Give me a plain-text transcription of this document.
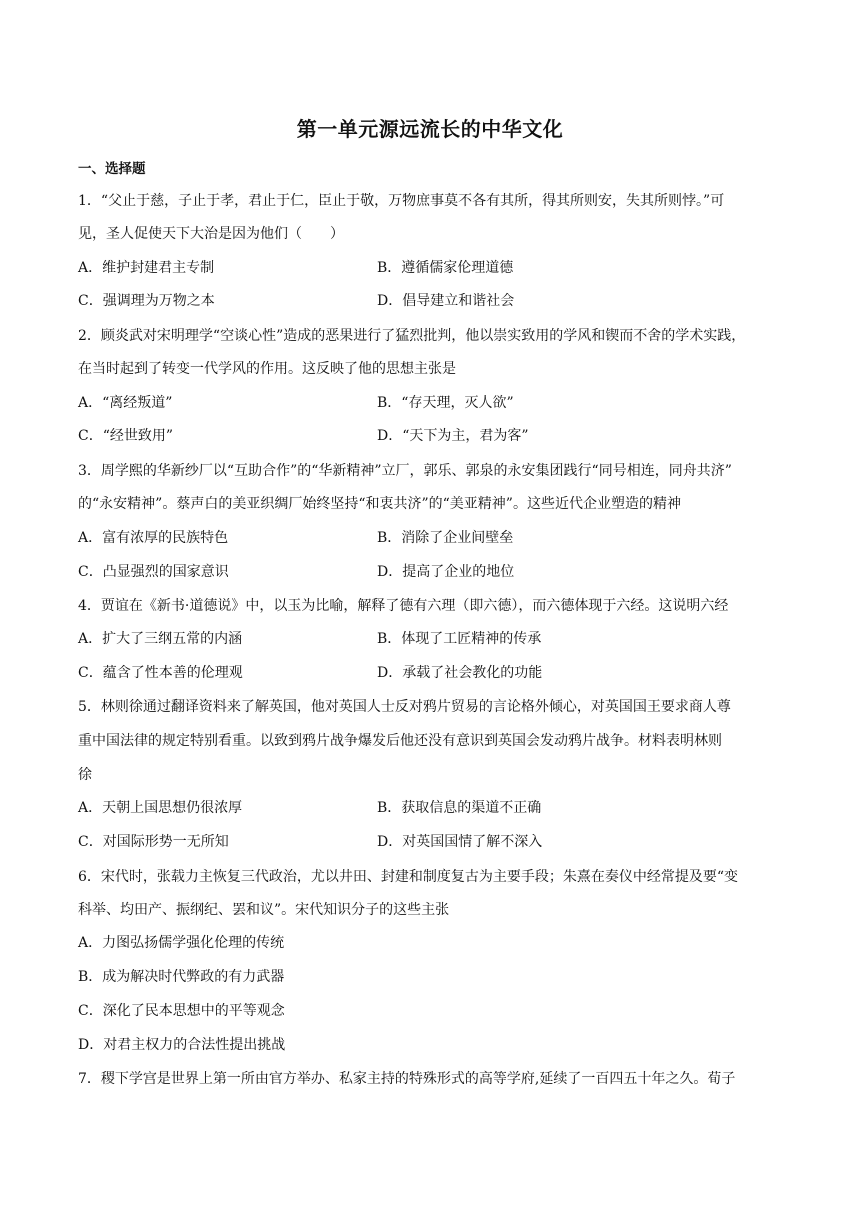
第一单元源远流长的中华文化
一、选择题
1．“父止于慈，子止于孝，君止于仁，臣止于敬，万物庶事莫不各有其所，得其所则安，失其所则悖。”可
见，圣人促使天下大治是因为他们（　　）
A．维护封建君主专制	B．遵循儒家伦理道德
C．强调理为万物之本	D．倡导建立和谐社会
2．顾炎武对宋明理学“空谈心性”造成的恶果进行了猛烈批判，他以崇实致用的学风和锲而不舍的学术实践，
在当时起到了转变一代学风的作用。这反映了他的思想主张是
A．“离经叛道”	B．“存天理，灭人欲”
C．“经世致用”	D．“天下为主，君为客”
3．周学熙的华新纱厂以“互助合作”的“华新精神”立厂，郭乐、郭泉的永安集团践行“同号相连，同舟共济”
的“永安精神”。蔡声白的美亚织绸厂始终坚持“和衷共济”的“美亚精神”。这些近代企业塑造的精神
A．富有浓厚的民族特色	B．消除了企业间壁垒
C．凸显强烈的国家意识	D．提高了企业的地位
4．贾谊在《新书·道德说》中，以玉为比喻，解释了德有六理（即六德），而六德体现于六经。这说明六经
A．扩大了三纲五常的内涵	B．体现了工匠精神的传承
C．蕴含了性本善的伦理观	D．承载了社会教化的功能
5．林则徐通过翻译资料来了解英国，他对英国人士反对鸦片贸易的言论格外倾心，对英国国王要求商人尊
重中国法律的规定特别看重。以致到鸦片战争爆发后他还没有意识到英国会发动鸦片战争。材料表明林则
徐
A．天朝上国思想仍很浓厚	B．获取信息的渠道不正确
C．对国际形势一无所知	D．对英国国情了解不深入
6．宋代时，张载力主恢复三代政治，尤以井田、封建和制度复古为主要手段；朱熹在奏仪中经常提及要“变
科举、均田产、振纲纪、罢和议”。宋代知识分子的这些主张
A．力图弘扬儒学强化伦理的传统
B．成为解决时代弊政的有力武器
C．深化了民本思想中的平等观念
D．对君主权力的合法性提出挑战
7．稷下学宫是世界上第一所由官方举办、私家主持的特殊形式的高等学府,延续了一百四五十年之久。荀子
